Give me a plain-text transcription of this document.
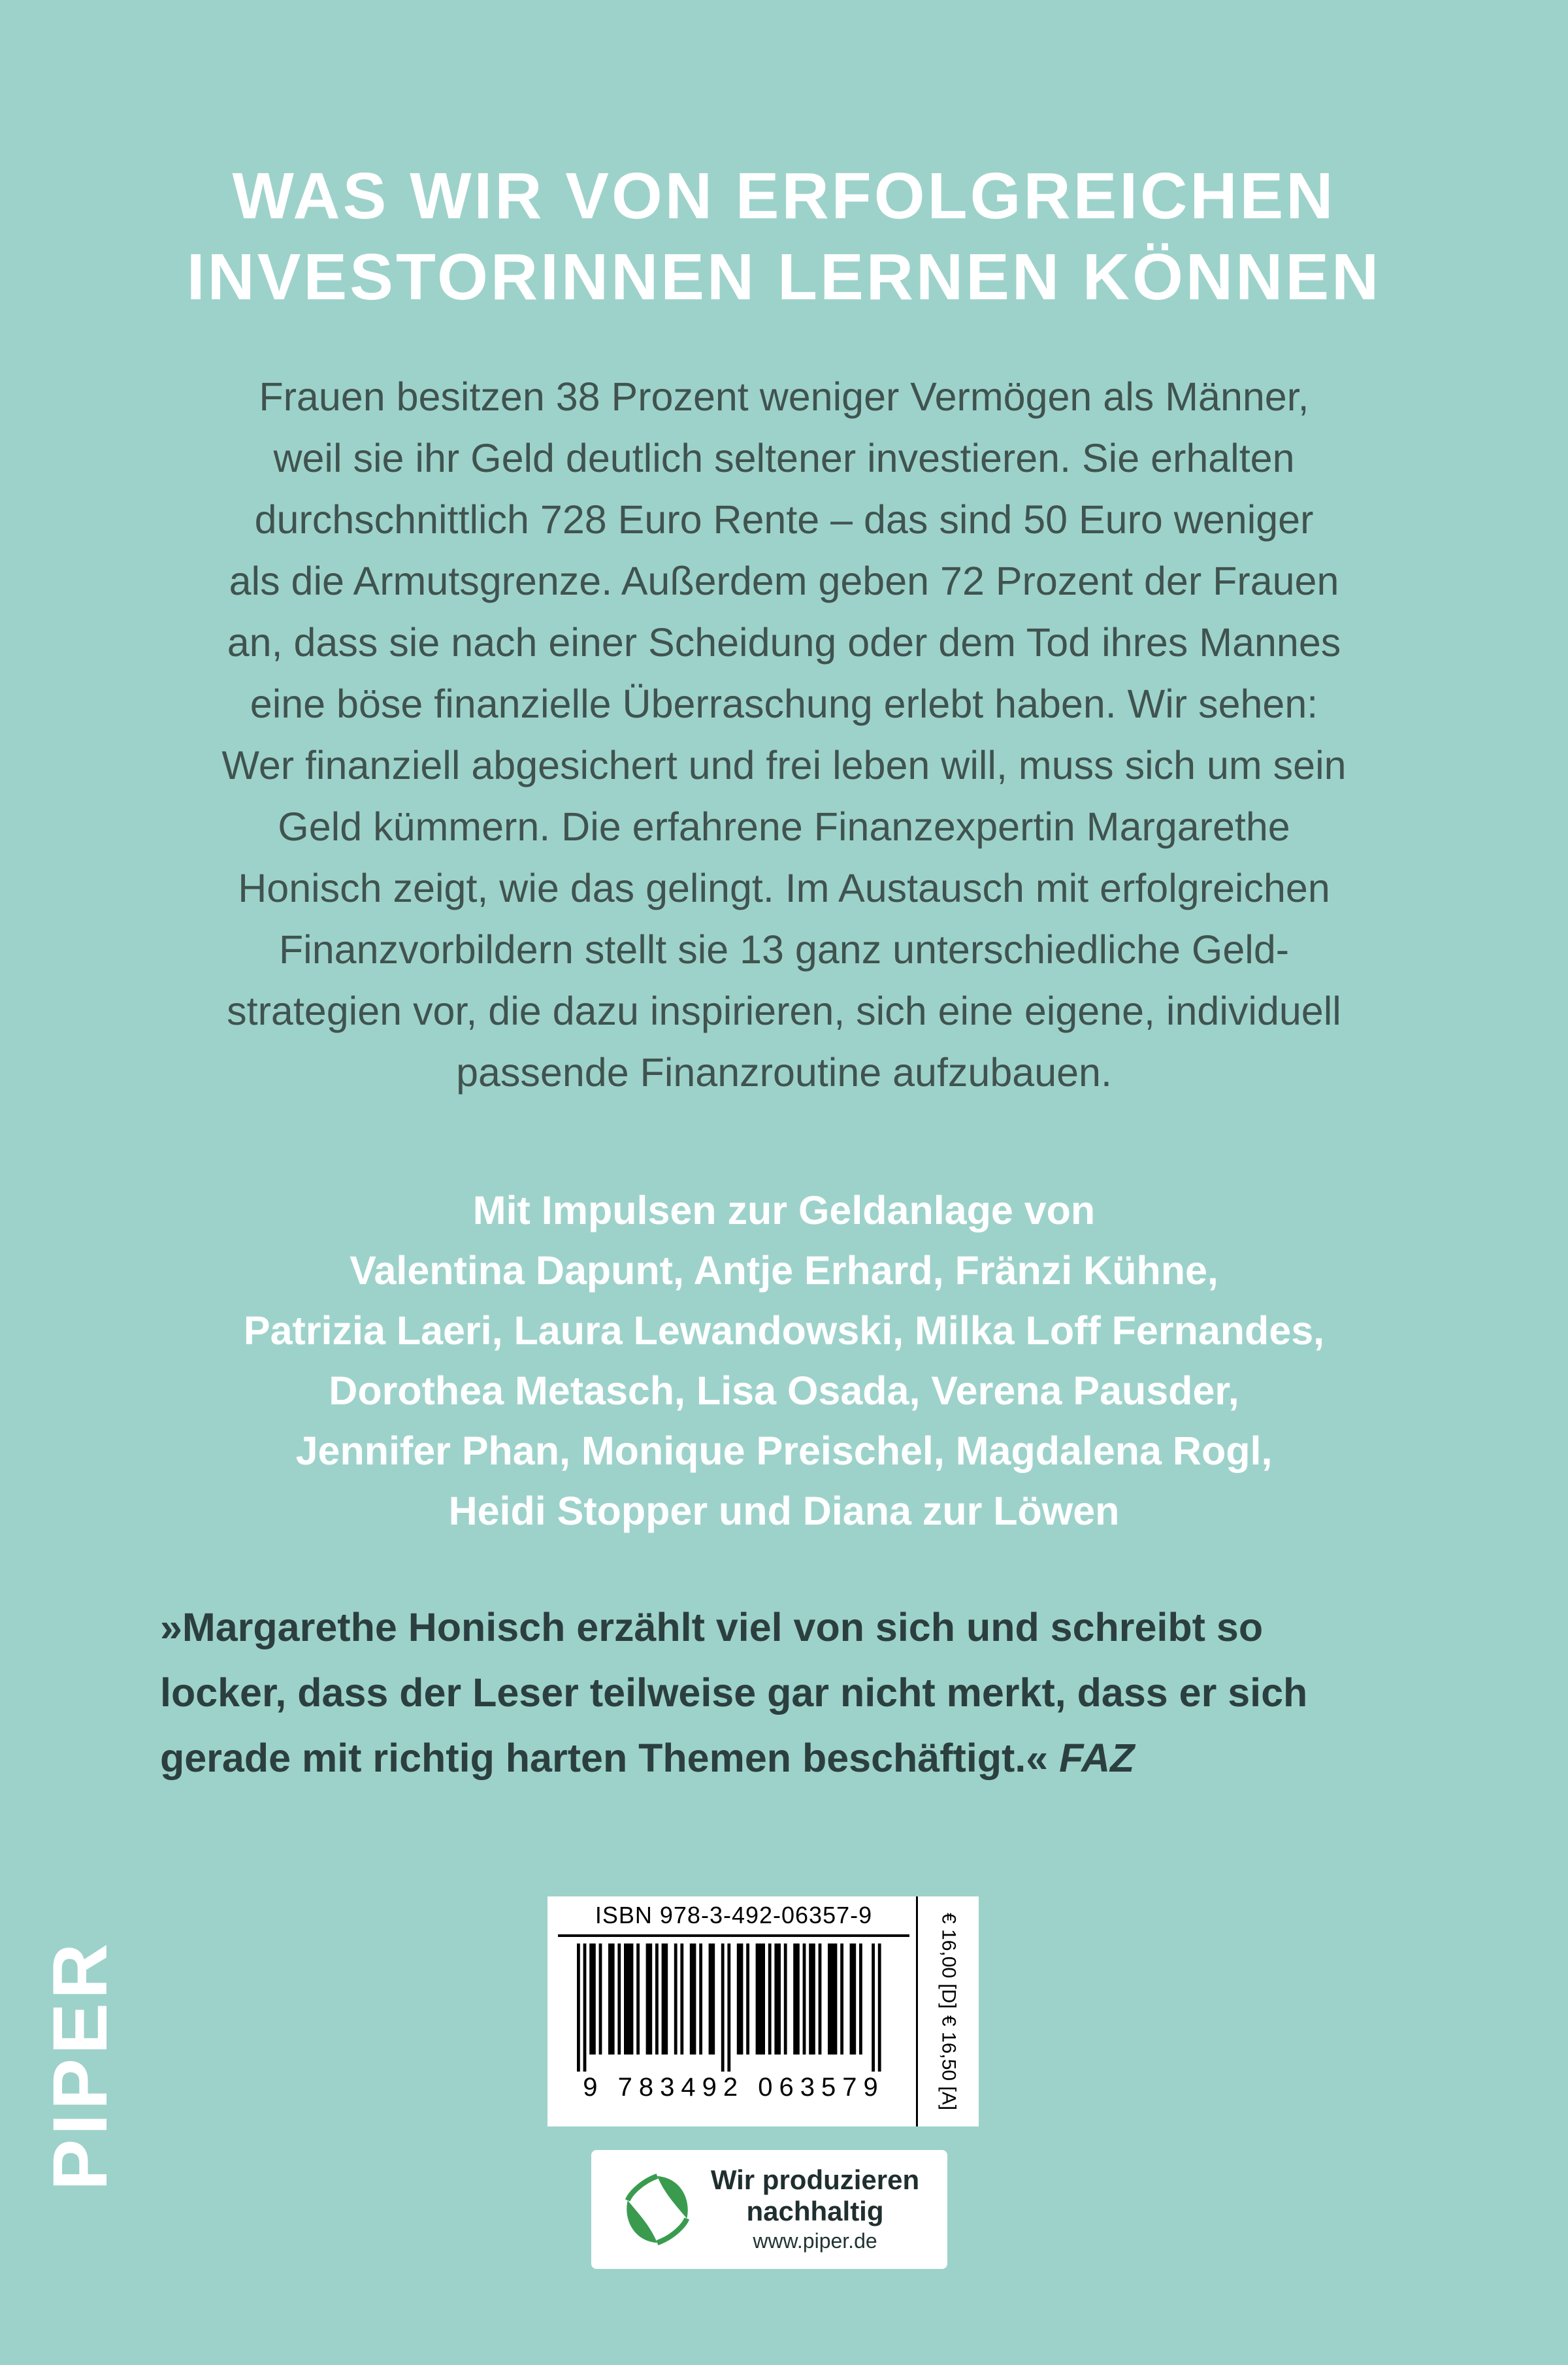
WAS WIR VON ERFOLGREICHEN
INVESTORINNEN LERNEN KÖNNEN
Frauen besitzen 38 Prozent weniger Vermögen als Männer,
weil sie ihr Geld deutlich seltener investieren. Sie erhalten
durchschnittlich 728 Euro Rente – das sind 50 Euro weniger
als die Armutsgrenze. Außerdem geben 72 Prozent der Frauen
an, dass sie nach einer Scheidung oder dem Tod ihres Mannes
eine böse finanzielle Überraschung erlebt haben. Wir sehen:
Wer finanziell abgesichert und frei leben will, muss sich um sein
Geld kümmern. Die erfahrene Finanzexpertin Margarethe
Honisch zeigt, wie das gelingt. Im Austausch mit erfolgreichen
Finanzvorbildern stellt sie 13 ganz unterschiedliche Geld-
strategien vor, die dazu inspirieren, sich eine eigene, individuell
passende Finanzroutine aufzubauen.
Mit Impulsen zur Geldanlage von
Valentina Dapunt, Antje Erhard, Fränzi Kühne,
Patrizia Laeri, Laura Lewandowski, Milka Loff Fernandes,
Dorothea Metasch, Lisa Osada, Verena Pausder,
Jennifer Phan, Monique Preischel, Magdalena Rogl,
Heidi Stopper und Diana zur Löwen
»Margarethe Honisch erzählt viel von sich und schreibt so
locker, dass der Leser teilweise gar nicht merkt, dass er sich
gerade mit richtig harten Themen beschäftigt.« FAZ
PIPER
ISBN 978-3-492-06357-9
9 783492 063579
€ 16,00 [D]
€ 16,50 [A]
Wir produzieren
nachhaltig
www.piper.de
